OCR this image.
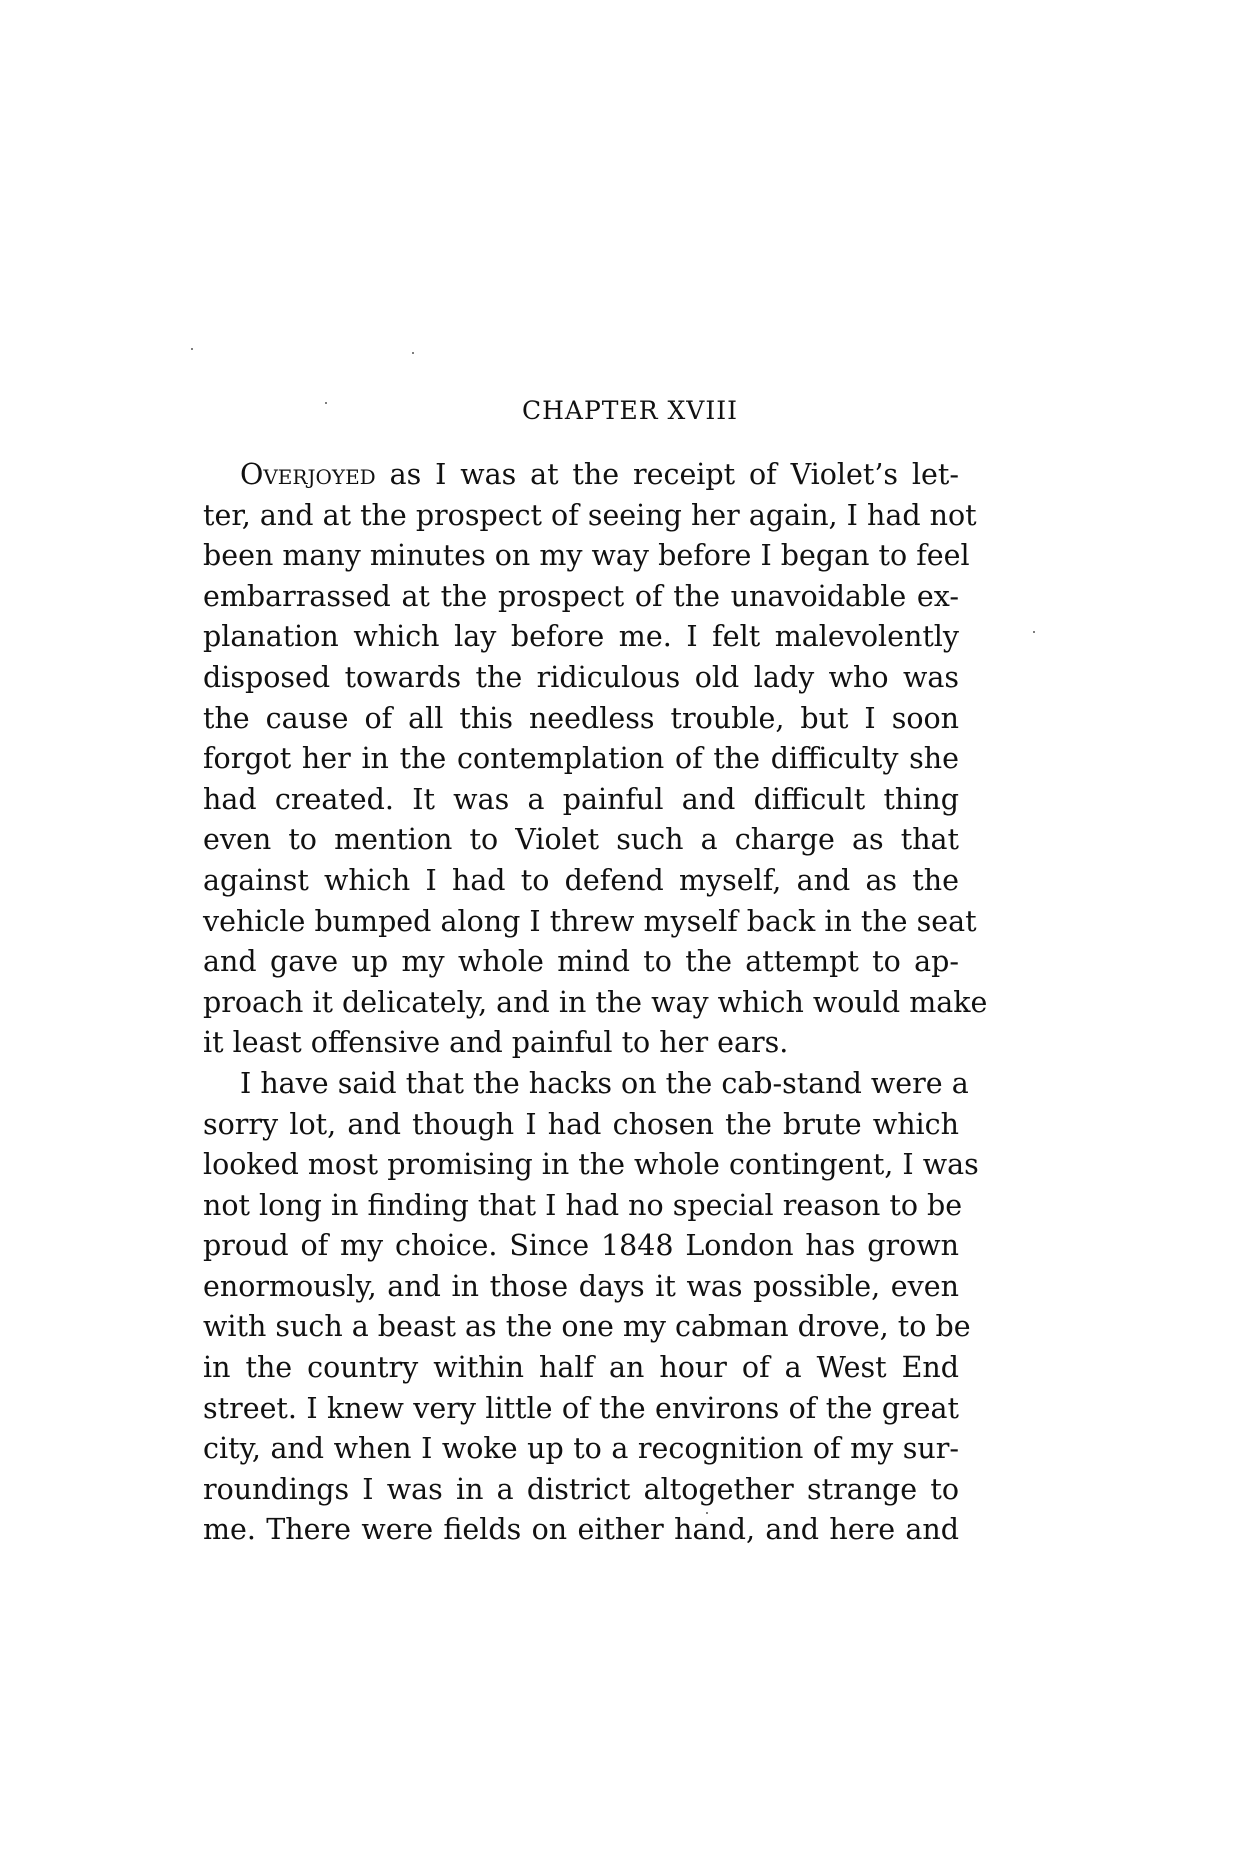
CHAPTER XVIII
Overjoyed as I was at the receipt of Violet’s let-
ter, and at the prospect of seeing her again, I had not
been many minutes on my way before I began to feel
embarrassed at the prospect of the unavoidable ex-
planation which lay before me. I felt malevolently
disposed towards the ridiculous old lady who was
the cause of all this needless trouble, but I soon
forgot her in the contemplation of the difficulty she
had created. It was a painful and difficult thing
even to mention to Violet such a charge as that
against which I had to defend myself, and as the
vehicle bumped along I threw myself back in the seat
and gave up my whole mind to the attempt to ap-
proach it delicately, and in the way which would make
it least offensive and painful to her ears.
I have said that the hacks on the cab-stand were a
sorry lot, and though I had chosen the brute which
looked most promising in the whole contingent, I was
not long in finding that I had no special reason to be
proud of my choice. Since 1848 London has grown
enormously, and in those days it was possible, even
with such a beast as the one my cabman drove, to be
in the country within half an hour of a West End
street. I knew very little of the environs of the great
city, and when I woke up to a recognition of my sur-
roundings I was in a district altogether strange to
me. There were fields on either hand, and here and
